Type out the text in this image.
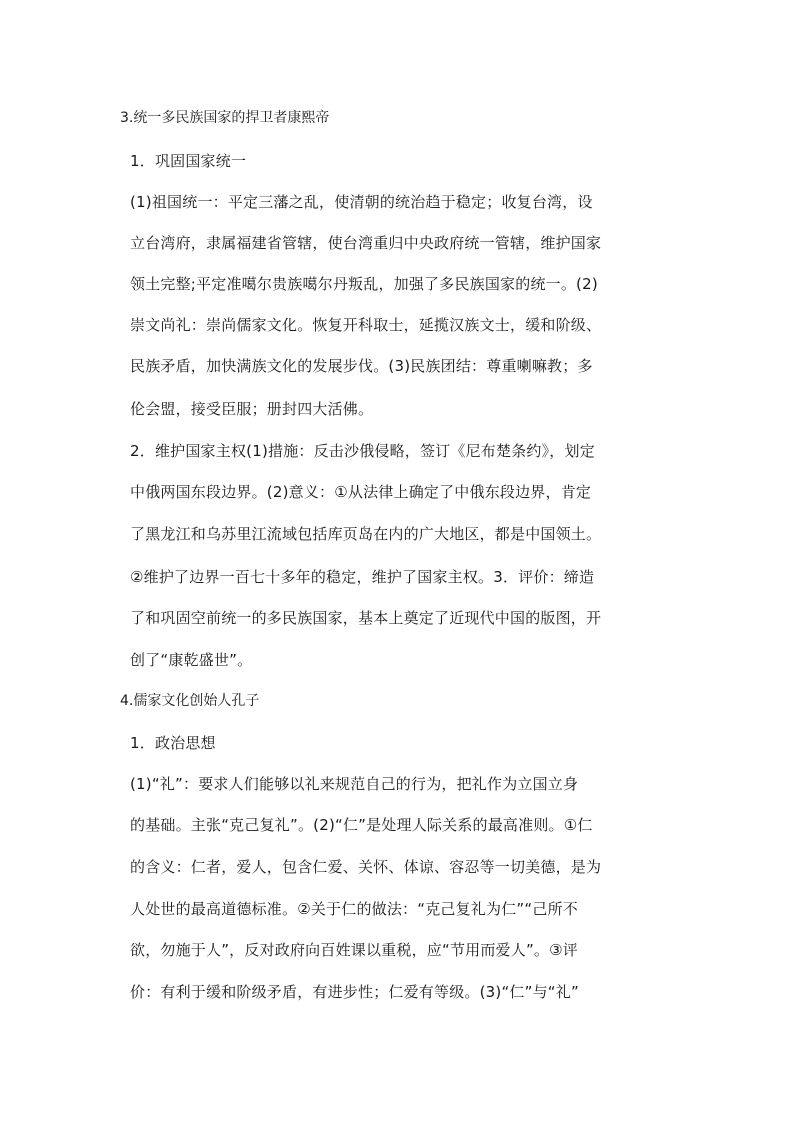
3.统一多民族国家的捍卫者康熙帝
1．巩固国家统一
(1)祖国统一：平定三藩之乱，使清朝的统治趋于稳定；收复台湾，设
立台湾府，隶属福建省管辖，使台湾重归中央政府统一管辖，维护国家
领土完整;平定准噶尔贵族噶尔丹叛乱，加强了多民族国家的统一。(2)
崇文尚礼：崇尚儒家文化。恢复开科取士，延揽汉族文士，缓和阶级、
民族矛盾，加快满族文化的发展步伐。(3)民族团结：尊重喇嘛教；多
伦会盟，接受臣服；册封四大活佛。
2．维护国家主权(1)措施：反击沙俄侵略，签订《尼布楚条约》，划定
中俄两国东段边界。(2)意义：①从法律上确定了中俄东段边界，肯定
了黑龙江和乌苏里江流域包括库页岛在内的广大地区，都是中国领土。
②维护了边界一百七十多年的稳定，维护了国家主权。3．评价：缔造
了和巩固空前统一的多民族国家，基本上奠定了近现代中国的版图，开
创了“康乾盛世”。
4.儒家文化创始人孔子
1．政治思想
(1)“礼”：要求人们能够以礼来规范自己的行为，把礼作为立国立身
的基础。主张“克己复礼”。(2)“仁”是处理人际关系的最高准则。①仁
的含义：仁者，爱人，包含仁爱、关怀、体谅、容忍等一切美德，是为
人处世的最高道德标准。②关于仁的做法：“克己复礼为仁”“己所不
欲，勿施于人”，反对政府向百姓课以重税，应“节用而爱人”。③评
价：有利于缓和阶级矛盾，有进步性；仁爱有等级。(3)“仁”与“礼”
